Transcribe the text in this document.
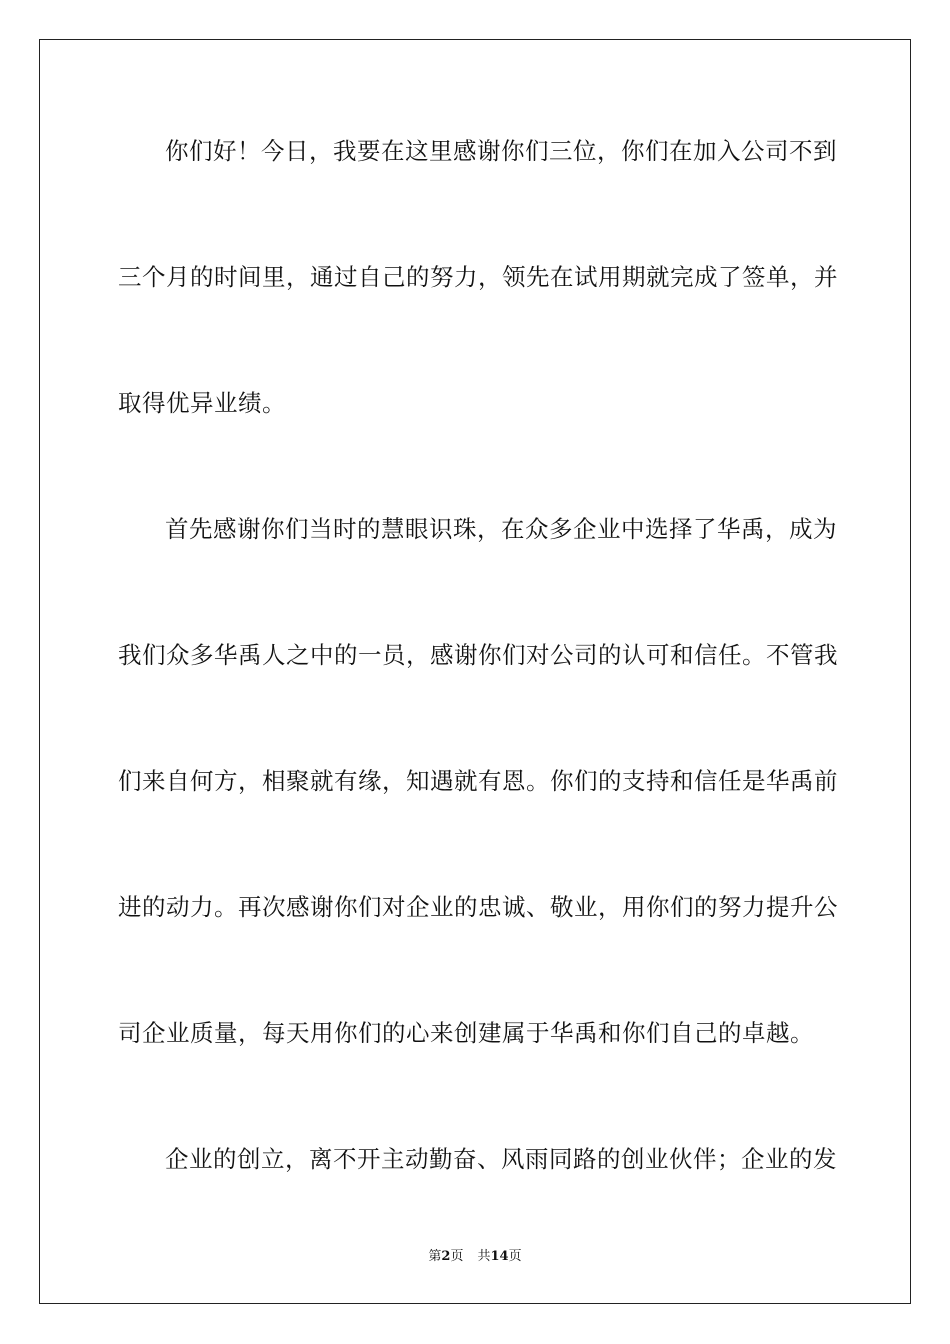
你们好！今日，我要在这里感谢你们三位，你们在加入公司不到
三个月的时间里，通过自己的努力，领先在试用期就完成了签单，并
取得优异业绩。
首先感谢你们当时的慧眼识珠，在众多企业中选择了华禹，成为
我们众多华禹人之中的一员，感谢你们对公司的认可和信任。不管我
们来自何方，相聚就有缘，知遇就有恩。你们的支持和信任是华禹前
进的动力。再次感谢你们对企业的忠诚、敬业，用你们的努力提升公
司企业质量，每天用你们的心来创建属于华禹和你们自己的卓越。
企业的创立，离不开主动勤奋、风雨同路的创业伙伴；企业的发
第2页 共14页
